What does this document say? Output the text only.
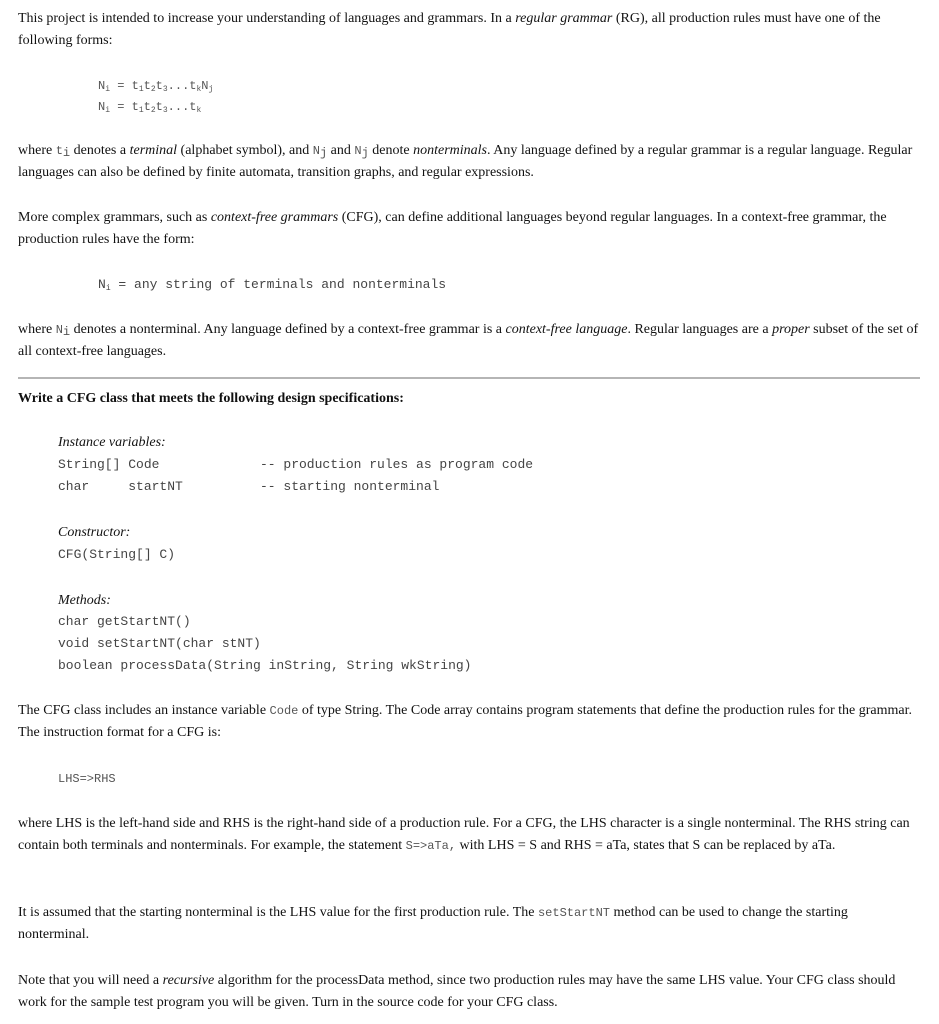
This project is intended to increase your understanding of languages and grammars. In a regular grammar (RG), all production rules must have one of the following forms:

$N_i = t_1t_2t_3...t_kN_j$
$N_i = t_1t_2t_3...t_k$

where $t_i$ denotes a terminal (alphabet symbol), and $N_j$ and $N_j$ denote nonterminals. Any language defined by a regular grammar is a regular language. Regular languages can also be defined by finite automata, transition graphs, and regular expressions.

More complex grammars, such as context-free grammars (CFG), can define additional languages beyond regular languages. In a context-free grammar, the production rules have the form:

$N_i$ = any string of terminals and nonterminals

where $N_i$ denotes a nonterminal. Any language defined by a context-free grammar is a context-free language. Regular languages are a proper subset of the set of all context-free languages.

Write a CFG class that meets the following design specifications:
Instance variables:
String[] Code	-- production rules as program code
char     startNT	-- starting nonterminal
Constructor:
CFG(String[] C)
Methods:
char getStartNT()
void setStartNT(char stNT)
boolean processData(String inString, String wkString)

The CFG class includes an instance variable Code of type String. The Code array contains program statements that define the production rules for the grammar. The instruction format for a CFG is:

LHS=>RHS

where LHS is the left-hand side and RHS is the right-hand side of a production rule. For a CFG, the LHS character is a single nonterminal. The RHS string can contain both terminals and nonterminals. For example, the statement S=>aTa, with LHS = S and RHS = aTa, states that S can be replaced by aTa.

It is assumed that the starting nonterminal is the LHS value for the first production rule. The setStartNT method can be used to change the starting nonterminal.

Note that you will need a recursive algorithm for the processData method, since two production rules may have the same LHS value. Your CFG class should work for the sample test program you will be given. Turn in the source code for your CFG class.
